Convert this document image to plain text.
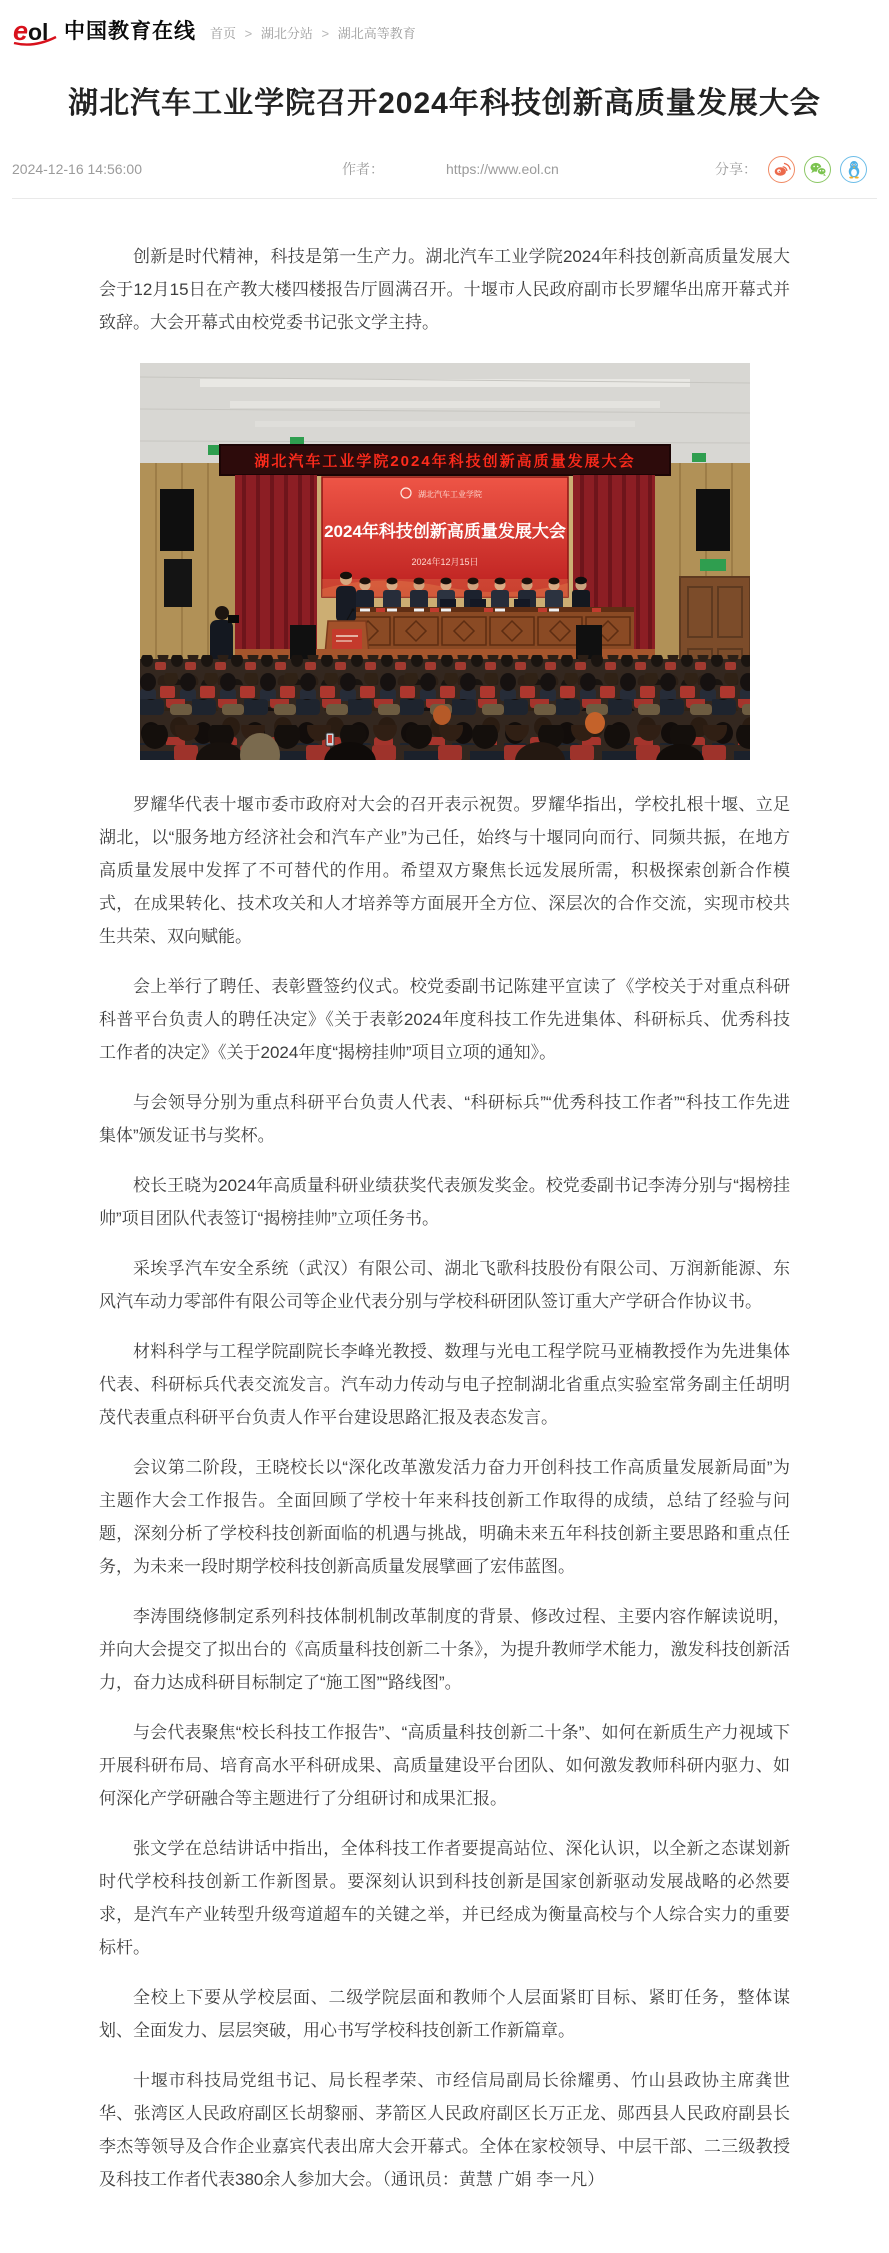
e ol 中国教育在线 首页 > 湖北分站 > 湖北高等教育
湖北汽车工业学院召开2024年科技创新高质量发展大会
2024-12-16 14:56:00	作者：	https://www.eol.cn	分享：

创新是时代精神，科技是第一生产力。湖北汽车工业学院2024年科技创新高质量发展大会于12月15日在产教大楼四楼报告厅圆满召开。十堰市人民政府副市长罗耀华出席开幕式并致辞。大会开幕式由校党委书记张文学主持。

湖北汽车工业学院2024年科技创新高质量发展大会
湖北汽车工业学院
2024年科技创新高质量发展大会
2024年12月15日

罗耀华代表十堰市委市政府对大会的召开表示祝贺。罗耀华指出，学校扎根十堰、立足湖北，以“服务地方经济社会和汽车产业”为己任，始终与十堰同向而行、同频共振，在地方高质量发展中发挥了不可替代的作用。希望双方聚焦长远发展所需，积极探索创新合作模式，在成果转化、技术攻关和人才培养等方面展开全方位、深层次的合作交流，实现市校共生共荣、双向赋能。

会上举行了聘任、表彰暨签约仪式。校党委副书记陈建平宣读了《学校关于对重点科研科普平台负责人的聘任决定》《关于表彰2024年度科技工作先进集体、科研标兵、优秀科技工作者的决定》《关于2024年度“揭榜挂帅”项目立项的通知》。

与会领导分别为重点科研平台负责人代表、“科研标兵”“优秀科技工作者”“科技工作先进集体”颁发证书与奖杯。

校长王晓为2024年高质量科研业绩获奖代表颁发奖金。校党委副书记李涛分别与“揭榜挂帅”项目团队代表签订“揭榜挂帅”立项任务书。

采埃孚汽车安全系统（武汉）有限公司、湖北飞歌科技股份有限公司、万润新能源、东风汽车动力零部件有限公司等企业代表分别与学校科研团队签订重大产学研合作协议书。

材料科学与工程学院副院长李峰光教授、数理与光电工程学院马亚楠教授作为先进集体代表、科研标兵代表交流发言。汽车动力传动与电子控制湖北省重点实验室常务副主任胡明茂代表重点科研平台负责人作平台建设思路汇报及表态发言。

会议第二阶段，王晓校长以“深化改革激发活力奋力开创科技工作高质量发展新局面”为主题作大会工作报告。全面回顾了学校十年来科技创新工作取得的成绩，总结了经验与问题，深刻分析了学校科技创新面临的机遇与挑战，明确未来五年科技创新主要思路和重点任务，为未来一段时期学校科技创新高质量发展擘画了宏伟蓝图。

李涛围绕修制定系列科技体制机制改革制度的背景、修改过程、主要内容作解读说明，并向大会提交了拟出台的《高质量科技创新二十条》，为提升教师学术能力，激发科技创新活力，奋力达成科研目标制定了“施工图”“路线图”。

与会代表聚焦“校长科技工作报告”、“高质量科技创新二十条”、如何在新质生产力视域下开展科研布局、培育高水平科研成果、高质量建设平台团队、如何激发教师科研内驱力、如何深化产学研融合等主题进行了分组研讨和成果汇报。

张文学在总结讲话中指出，全体科技工作者要提高站位、深化认识，以全新之态谋划新时代学校科技创新工作新图景。要深刻认识到科技创新是国家创新驱动发展战略的必然要求，是汽车产业转型升级弯道超车的关键之举，并已经成为衡量高校与个人综合实力的重要标杆。

全校上下要从学校层面、二级学院层面和教师个人层面紧盯目标、紧盯任务，整体谋划、全面发力、层层突破，用心书写学校科技创新工作新篇章。

十堰市科技局党组书记、局长程孝荣、市经信局副局长徐耀勇、竹山县政协主席龚世华、张湾区人民政府副区长胡黎丽、茅箭区人民政府副区长万正龙、郧西县人民政府副县长李杰等领导及合作企业嘉宾代表出席大会开幕式。全体在家校领导、中层干部、二三级教授及科技工作者代表380余人参加大会。（通讯员：黄慧 广娟 李一凡）
